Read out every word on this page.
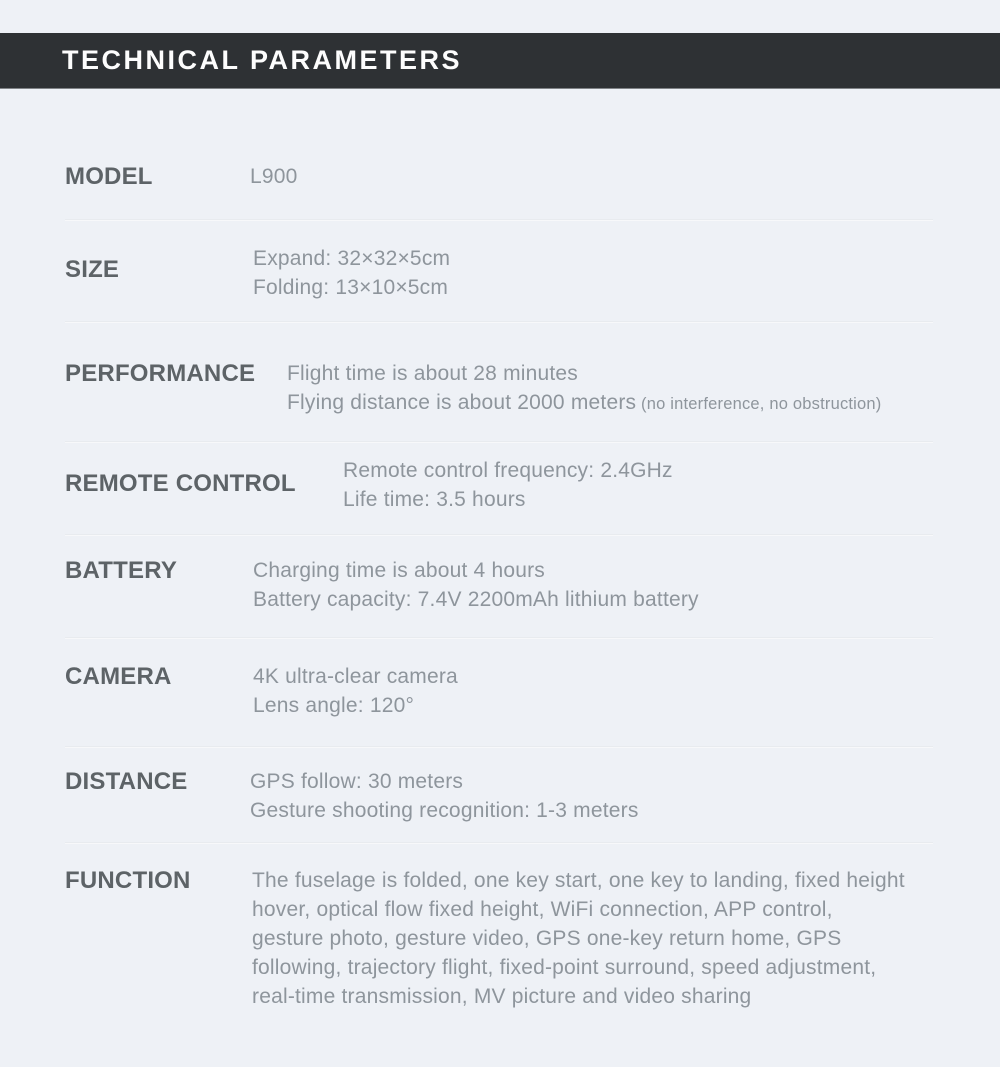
TECHNICAL PARAMETERS
MODEL	L900
SIZE	Expand: 32×32×5cm
Folding: 13×10×5cm
PERFORMANCE	Flight time is about 28 minutes
Flying distance is about 2000 meters (no interference, no obstruction)
REMOTE CONTROL	Remote control frequency: 2.4GHz
Life time: 3.5 hours
BATTERY	Charging time is about 4 hours
Battery capacity: 7.4V 2200mAh lithium battery
CAMERA	4K ultra-clear camera
Lens angle: 120°
DISTANCE	GPS follow: 30 meters
Gesture shooting recognition: 1-3 meters
FUNCTION	The fuselage is folded, one key start, one key to landing, fixed height
hover, optical flow fixed height, WiFi connection, APP control,
gesture photo, gesture video, GPS one-key return home, GPS
following, trajectory flight, fixed-point surround, speed adjustment,
real-time transmission, MV picture and video sharing
